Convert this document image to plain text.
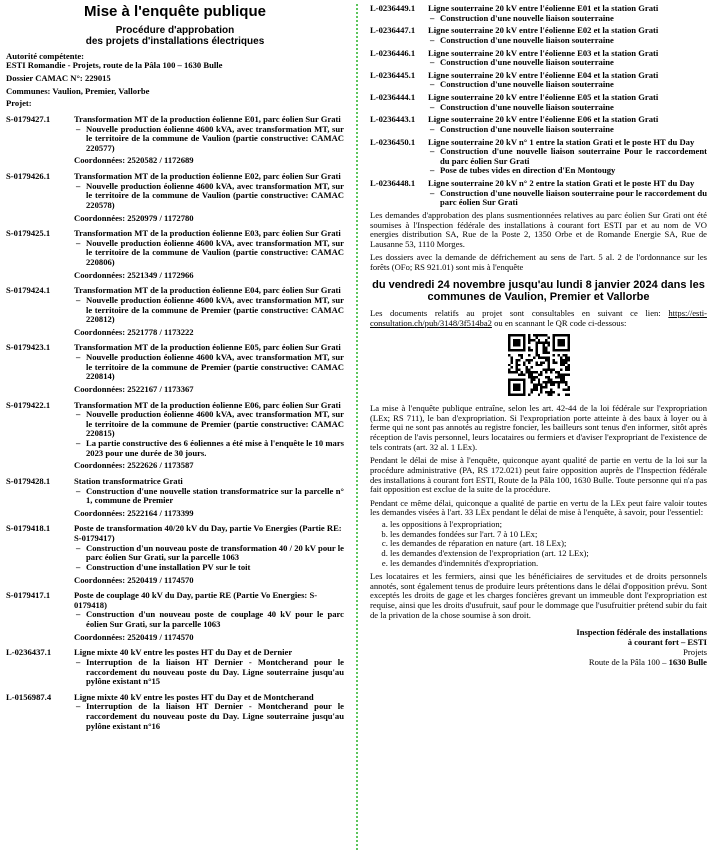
Mise à l'enquête publique
Procédure d'approbation
des projets d'installations électriques
Autorité compétente:
ESTI Romandie - Projets, route de la Pâla 100 – 1630 Bulle
Dossier CAMAC N°: 229015
Communes: Vaulion, Premier, Vallorbe
Projet:
S-0179427.1	Transformation MT de la production éolienne E01, parc éolien Sur Grati
– Nouvelle production éolienne 4600 kVA, avec transformation MT, sur le territoire de la commune de Vaulion (partie constructive: CAMAC 220577)
Coordonnées: 2520582 / 1172689
S-0179426.1	Transformation MT de la production éolienne E02, parc éolien Sur Grati
– Nouvelle production éolienne 4600 kVA, avec transformation MT, sur le territoire de la commune de Vaulion (partie constructive: CAMAC 220578)
Coordonnées: 2520979 / 1172780
S-0179425.1	Transformation MT de la production éolienne E03, parc éolien Sur Grati
– Nouvelle production éolienne 4600 kVA, avec transformation MT, sur le territoire de la commune de Vaulion (partie constructive: CAMAC 220806)
Coordonnées: 2521349 / 1172966
S-0179424.1	Transformation MT de la production éolienne E04, parc éolien Sur Grati
– Nouvelle production éolienne 4600 kVA, avec transformation MT, sur le territoire de la commune de Premier (partie constructive: CAMAC 220812)
Coordonnées: 2521778 / 1173222
S-0179423.1	Transformation MT de la production éolienne E05, parc éolien Sur Grati
– Nouvelle production éolienne 4600 kVA, avec transformation MT, sur le territoire de la commune de Premier (partie constructive: CAMAC 220814)
Coordonnées: 2522167 / 1173367
S-0179422.1	Transformation MT de la production éolienne E06, parc éolien Sur Grati
– Nouvelle production éolienne 4600 kVA, avec transformation MT, sur le territoire de la commune de Premier (partie constructive: CAMAC 220815)
– La partie constructive des 6 éoliennes a été mise à l'enquête le 10 mars 2023 pour une durée de 30 jours.
Coordonnées: 2522626 / 1173587
S-0179428.1	Station transformatrice Grati
– Construction d'une nouvelle station transformatrice sur la parcelle n° 1, commune de Premier
Coordonnées: 2522164 / 1173399
S-0179418.1	Poste de transformation 40/20 kV du Day, partie Vo Energies (Partie RE: S-0179417)
– Construction d'un nouveau poste de transformation 40 / 20 kV pour le parc éolien Sur Grati, sur la parcelle 1063
– Construction d'une installation PV sur le toit
Coordonnées: 2520419 / 1174570
S-0179417.1	Poste de couplage 40 kV du Day, partie RE (Partie Vo Energies: S-0179418)
– Construction d'un nouveau poste de couplage 40 kV pour le parc éolien Sur Grati, sur la parcelle 1063
Coordonnées: 2520419 / 1174570
L-0236437.1	Ligne mixte 40 kV entre les postes HT du Day et de Dernier
– Interruption de la liaison HT Dernier - Montcherand pour le raccordement du nouveau poste du Day. Ligne souterraine jusqu'au pylône existant n°15
L-0156987.4	Ligne mixte 40 kV entre les postes HT du Day et de Montcherand
– Interruption de la liaison HT Dernier - Montcherand pour le raccordement du nouveau poste du Day. Ligne souterraine jusqu'au pylône existant n°16
L-0236449.1	Ligne souterraine 20 kV entre l'éolienne E01 et la station Grati
– Construction d'une nouvelle liaison souterraine
L-0236447.1	Ligne souterraine 20 kV entre l'éolienne E02 et la station Grati
– Construction d'une nouvelle liaison souterraine
L-0236446.1	Ligne souterraine 20 kV entre l'éolienne E03 et la station Grati
– Construction d'une nouvelle liaison souterraine
L-0236445.1	Ligne souterraine 20 kV entre l'éolienne E04 et la station Grati
– Construction d'une nouvelle liaison souterraine
L-0236444.1	Ligne souterraine 20 kV entre l'éolienne E05 et la station Grati
– Construction d'une nouvelle liaison souterraine
L-0236443.1	Ligne souterraine 20 kV entre l'éolienne E06 et la station Grati
– Construction d'une nouvelle liaison souterraine
L-0236450.1	Ligne souterraine 20 kV n° 1 entre la station Grati et le poste HT du Day
– Construction d'une nouvelle liaison souterraine Pour le raccordement du parc éolien Sur Grati
– Pose de tubes vides en direction d'En Montougy
L-0236448.1	Ligne souterraine 20 kV n° 2 entre la station Grati et le poste HT du Day
– Construction d'une nouvelle liaison souterraine pour le raccordement du parc éolien Sur Grati

Les demandes d'approbation des plans susmentionnées relatives au parc éolien Sur Grati ont été soumises à l'Inspection fédérale des installations à courant fort ESTI par et au nom de VO energies distribution SA, Rue de la Poste 2, 1350 Orbe et de Romande Energie SA, Rue de Lausanne 53, 1110 Morges.

Les dossiers avec la demande de défrichement au sens de l'art. 5 al. 2 de l'ordonnance sur les forêts (OFo; RS 921.01) sont mis à l'enquête

du vendredi 24 novembre jusqu'au lundi 8 janvier 2024 dans les communes de Vaulion, Premier et Vallorbe

Les documents relatifs au projet sont consultables en suivant ce lien: https://esti-consultation.ch/pub/3148/3f514ba2 ou en scannant le QR code ci-dessous:

La mise à l'enquête publique entraîne, selon les art. 42-44 de la loi fédérale sur l'expropriation (LEx; RS 711), le ban d'expropriation. Si l'expropriation porte atteinte à des baux à loyer ou à ferme qui ne sont pas annotés au registre foncier, les bailleurs sont tenus d'en informer, sitôt après réception de l'avis personnel, leurs locataires ou fermiers et d'aviser l'expropriant de l'existence de tels contrats (art. 32 al. 1 LEx).

Pendant le délai de mise à l'enquête, quiconque ayant qualité de partie en vertu de la loi sur la procédure administrative (PA, RS 172.021) peut faire opposition auprès de l'Inspection fédérale des installations à courant fort ESTI, Route de la Pâla 100, 1630 Bulle. Toute personne qui n'a pas fait opposition est exclue de la suite de la procédure.

Pendant ce même délai, quiconque a qualité de partie en vertu de la LEx peut faire valoir toutes les demandes visées à l'art. 33 LEx pendant le délai de mise à l'enquête, à savoir, pour l'essentiel:

a. les oppositions à l'expropriation;
b. les demandes fondées sur l'art. 7 à 10 LEx;
c. les demandes de réparation en nature (art. 18 LEx);
d. les demandes d'extension de l'expropriation (art. 12 LEx);
e. les demandes d'indemnités d'expropriation.

Les locataires et les fermiers, ainsi que les bénéficiaires de servitudes et de droits personnels annotés, sont également tenus de produire leurs prétentions dans le délai d'opposition prévu. Sont exceptés les droits de gage et les charges foncières grevant un immeuble dont l'expropriation est requise, ainsi que les droits d'usufruit, sauf pour le dommage que l'usufruitier prétend subir du fait de la privation de la chose soumise à son droit.

Inspection fédérale des installations
à courant fort – ESTI
Projets
Route de la Pâla 100 – 1630 Bulle
